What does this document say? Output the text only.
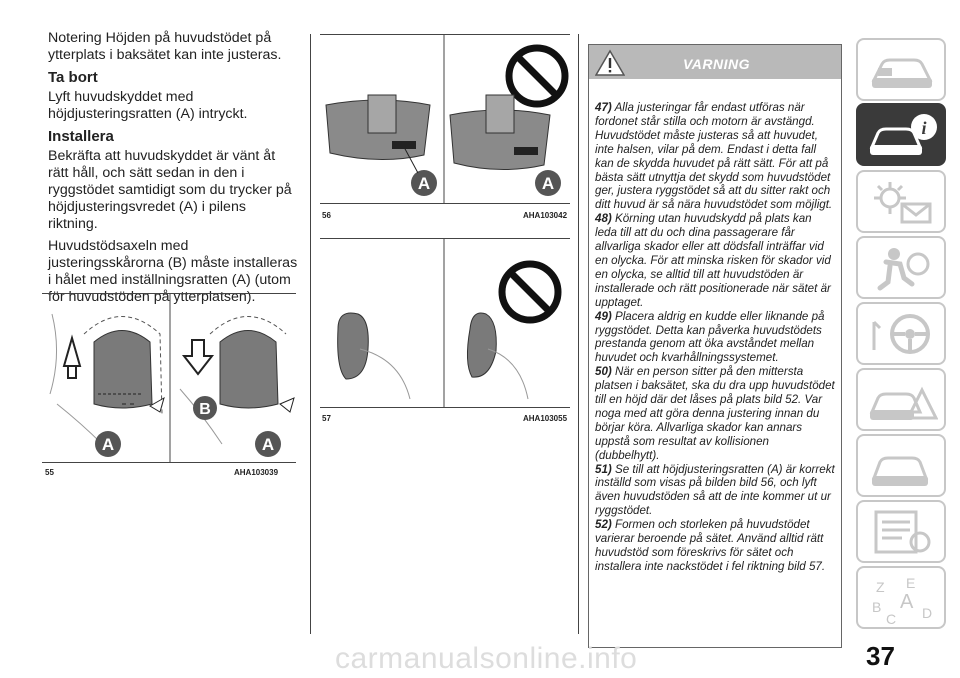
Notering Höjden på huvudstödet på ytterplats i baksätet kan inte justeras.

Ta bort

Lyft huvudskyddet med höjdjusteringsratten (A) intryckt.

Installera

Bekräfta att huvudskyddet är vänt åt rätt håll, och sätt sedan in den i ryggstödet samtidigt som du trycker på höjdjusteringsvredet (A) i pilens riktning.

Huvudstödsaxeln med justeringsskårorna (B) måste installeras i hålet med inställningsratten (A) (utom för huvudstöden på ytterplatsen).

A
B
A
55	AHA103039
A	A
56	AHA103042
57	AHA103055
VARNING
47) Alla justeringar får endast utföras när fordonet står stilla och motorn är avstängd. Huvudstödet måste justeras så att huvudet, inte halsen, vilar på dem. Endast i detta fall kan de skydda huvudet på rätt sätt. För att på bästa sätt utnyttja det skydd som huvudstödet ger, justera ryggstödet så att du sitter rakt och ditt huvud är så nära huvudstödet som möjligt.
48) Körning utan huvudskydd på plats kan leda till att du och dina passagerare får allvarliga skador eller att dödsfall inträffar vid en olycka. För att minska risken för skador vid en olycka, se alltid till att huvudstöden är installerade och rätt positionerade när sätet är upptaget.
49) Placera aldrig en kudde eller liknande på ryggstödet. Detta kan påverka huvudstödets prestanda genom att öka avståndet mellan huvudet och kvarhållningssystemet.
50) När en person sitter på den mittersta platsen i baksätet, ska du dra upp huvudstödet till en höjd där det låses på plats bild 52. Var noga med att göra denna justering innan du börjar köra. Allvarliga skador kan annars uppstå som resultat av kollisionen (dubbelhytt).
51) Se till att höjdjusteringsratten (A) är korrekt inställd som visas på bilden bild 56, och lyft även huvudstöden så att de inte kommer ut ur ryggstödet.
52) Formen och storleken på huvudstödet varierar beroende på sätet. Använd alltid rätt huvudstöd som föreskrivs för sätet och installera inte nackstödet i fel riktning bild 57.
i
Z E
B A
C D
37
carmanualsonline.info
